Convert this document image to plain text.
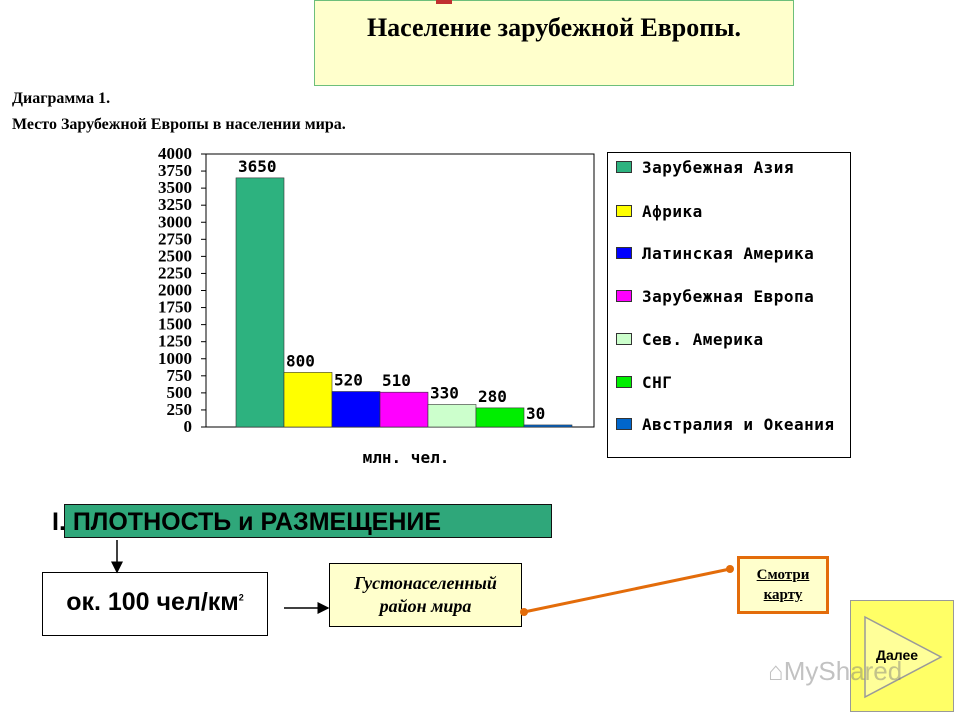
Население зарубежной Европы.
Диаграмма 1.
Место Зарубежной Европы в населении мира.
0
250
500
750
1000
1250
1500
1750
2000
2250
2500
2750
3000
3250
3500
3750
4000
3650
800
520 510
330 280
30
млн. чел.
Зарубежная Азия
Африка
Латинская Америка
Зарубежная Европа
Сев. Америка
СНГ
Австралия и Океания
I. ПЛОТНОСТЬ и РАЗМЕЩЕНИЕ
ок. 100 чел/$км^2$
Густонаселенный
район мира
Смотри
карту
Далее
⌂MyShared
